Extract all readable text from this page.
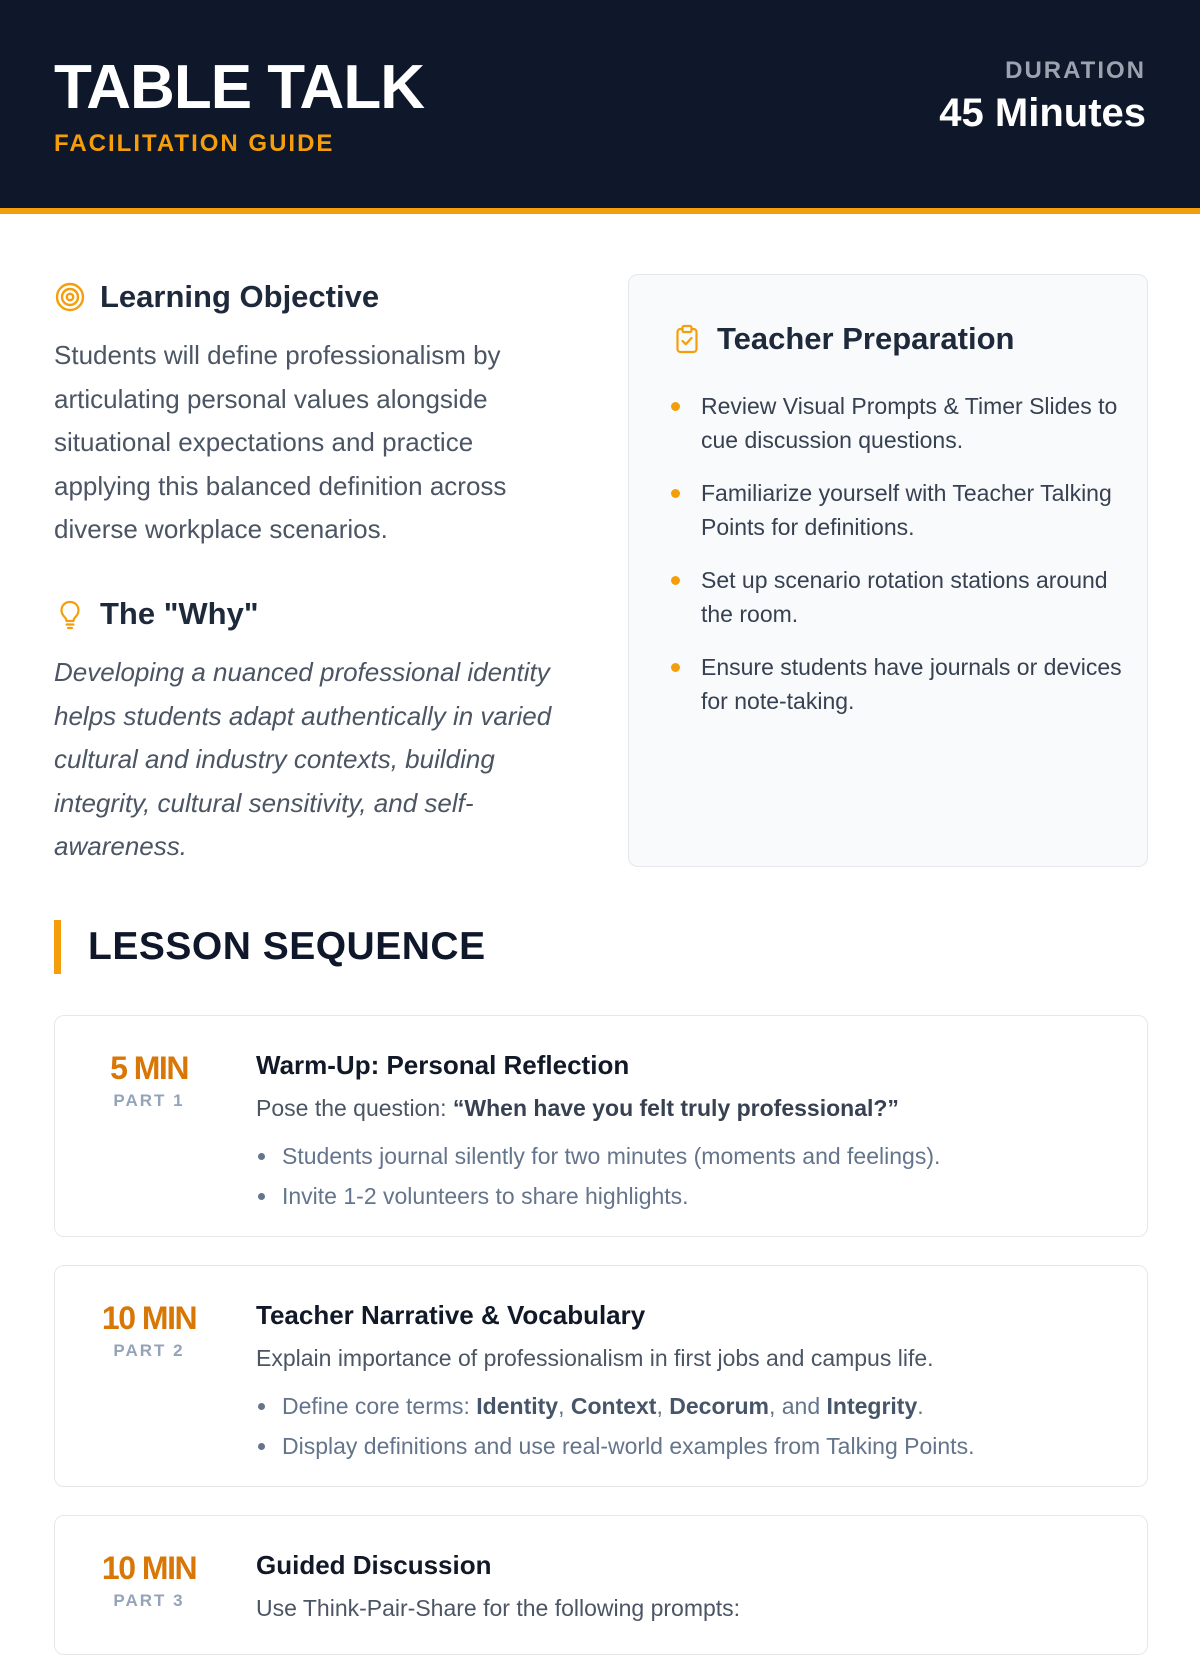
TABLE TALK
FACILITATION GUIDE
DURATION
45 Minutes
Learning Objective

Students will define professionalism by articulating personal values alongside situational expectations and practice applying this balanced definition across diverse workplace scenarios.

The "Why"

Developing a nuanced professional identity helps students adapt authentically in varied cultural and industry contexts, building integrity, cultural sensitivity, and self-awareness.

Teacher Preparation
Review Visual Prompts & Timer Slides to cue discussion questions.
Familiarize yourself with Teacher Talking Points for definitions.
Set up scenario rotation stations around the room.
Ensure students have journals or devices for note-taking.
LESSON SEQUENCE
5 MIN
PART 1
Warm-Up: Personal Reflection
Pose the question: “When have you felt truly professional?”
Students journal silently for two minutes (moments and feelings).
Invite 1-2 volunteers to share highlights.
10 MIN
PART 2
Teacher Narrative & Vocabulary
Explain importance of professionalism in first jobs and campus life.
Define core terms: Identity, Context, Decorum, and Integrity.
Display definitions and use real-world examples from Talking Points.
10 MIN
PART 3
Guided Discussion
Use Think-Pair-Share for the following prompts:
